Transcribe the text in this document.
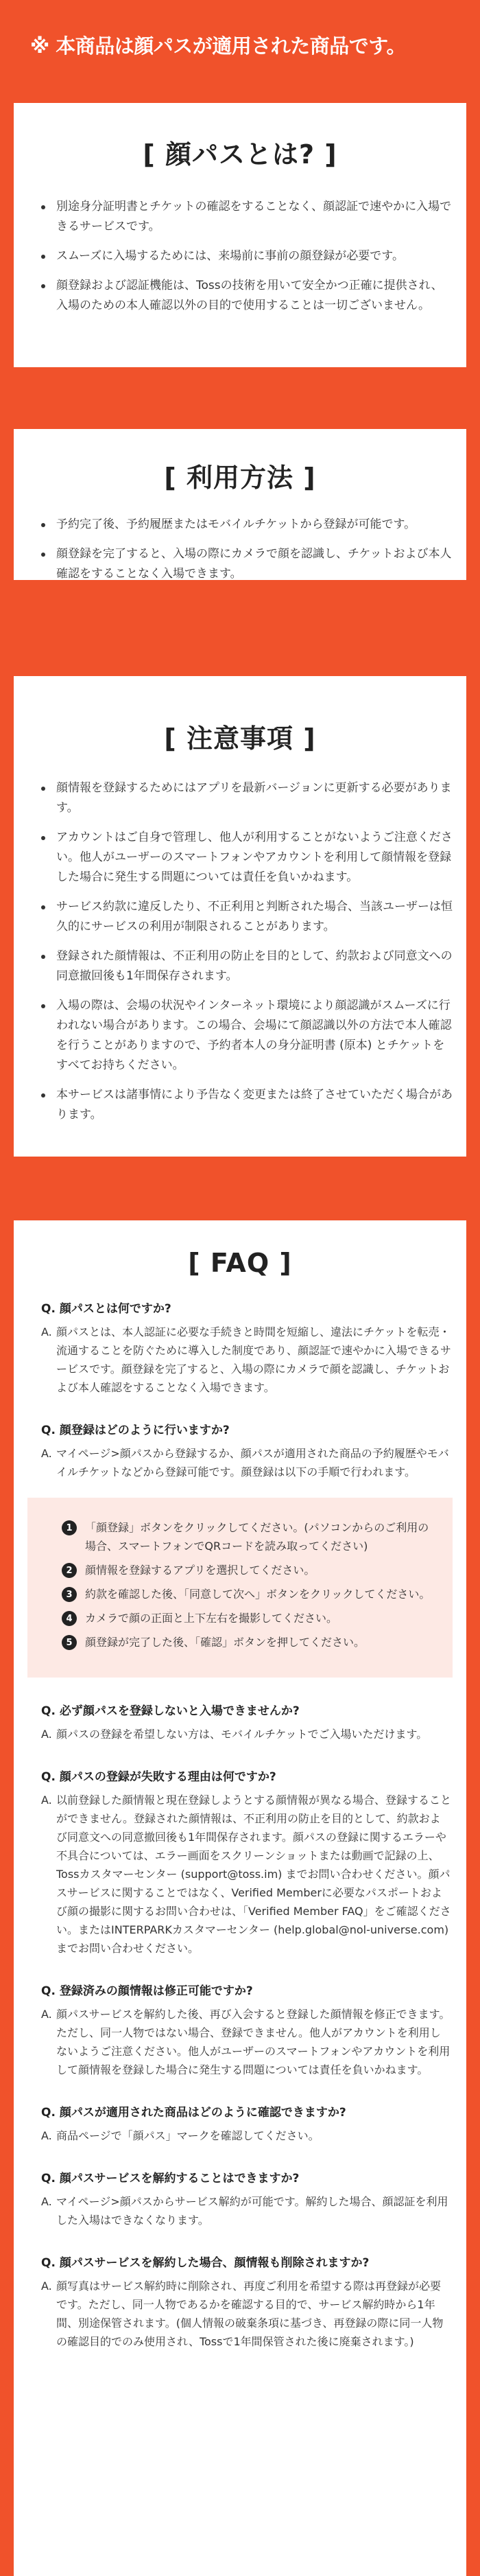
※ 本商品は顔パスが適用された商品です。
[ 顔パスとは? ]
別途身分証明書とチケットの確認をすることなく、顔認証で速やかに入場できるサービスです。
スムーズに入場するためには、来場前に事前の顔登録が必要です。
顔登録および認証機能は、Tossの技術を用いて安全かつ正確に提供され、入場のための本人確認以外の目的で使用することは一切ございません。
[ 利用方法 ]
予約完了後、予約履歴またはモバイルチケットから登録が可能です。
顔登録を完了すると、入場の際にカメラで顔を認識し、チケットおよび本人確認をすることなく入場できます。
[ 注意事項 ]
顔情報を登録するためにはアプリを最新バージョンに更新する必要があります。
アカウントはご自身で管理し、他人が利用することがないようご注意ください。他人がユーザーのスマートフォンやアカウントを利用して顔情報を登録した場合に発生する問題については責任を負いかねます。
サービス約款に違反したり、不正利用と判断された場合、当該ユーザーは恒久的にサービスの利用が制限されることがあります。
登録された顔情報は、不正利用の防止を目的として、約款および同意文への同意撤回後も1年間保存されます。
入場の際は、会場の状況やインターネット環境により顔認識がスムーズに行われない場合があります。この場合、会場にて顔認識以外の方法で本人確認を行うことがありますので、予約者本人の身分証明書 (原本) とチケットをすべてお持ちください。
本サービスは諸事情により予告なく変更または終了させていただく場合があります。
[ FAQ ]
Q. 顔パスとは何ですか?
A. 顔パスとは、本人認証に必要な手続きと時間を短縮し、違法にチケットを転売・流通することを防ぐために導入した制度であり、顔認証で速やかに入場できるサービスです。顔登録を完了すると、入場の際にカメラで顔を認識し、チケットおよび本人確認をすることなく入場できます。
Q. 顔登録はどのように行いますか?
A. マイページ>顔パスから登録するか、顔パスが適用された商品の予約履歴やモバイルチケットなどから登録可能です。顔登録は以下の手順で行われます。
1	「顔登録」ボタンをクリックしてください。(パソコンからのご利用の場合、スマートフォンでQRコードを読み取ってください)
2	顔情報を登録するアプリを選択してください。
3	約款を確認した後、「同意して次へ」ボタンをクリックしてください。
4	カメラで顔の正面と上下左右を撮影してください。
5	顔登録が完了した後、「確認」ボタンを押してください。
Q. 必ず顔パスを登録しないと入場できませんか?
A. 顔パスの登録を希望しない方は、モバイルチケットでご入場いただけます。
Q. 顔パスの登録が失敗する理由は何ですか?
A. 以前登録した顔情報と現在登録しようとする顔情報が異なる場合、登録することができません。登録された顔情報は、不正利用の防止を目的として、約款および同意文への同意撤回後も1年間保存されます。顔パスの登録に関するエラーや不具合については、エラー画面をスクリーンショットまたは動画で記録の上、Tossカスタマーセンター (support@toss.im) までお問い合わせください。顔パスサービスに関することではなく、Verified Memberに必要なパスポートおよび顔の撮影に関するお問い合わせは、「Verified Member FAQ」をご確認ください。またはINTERPARKカスタマーセンター (help.global@nol-universe.com) までお問い合わせください。
Q. 登録済みの顔情報は修正可能ですか?
A. 顔パスサービスを解約した後、再び入会すると登録した顔情報を修正できます。ただし、同一人物ではない場合、登録できません。他人がアカウントを利用しないようご注意ください。他人がユーザーのスマートフォンやアカウントを利用して顔情報を登録した場合に発生する問題については責任を負いかねます。
Q. 顔パスが適用された商品はどのように確認できますか?
A. 商品ページで「顔パス」マークを確認してください。
Q. 顔パスサービスを解約することはできますか?
A. マイページ>顔パスからサービス解約が可能です。解約した場合、顔認証を利用した入場はできなくなります。
Q. 顔パスサービスを解約した場合、顔情報も削除されますか?
A. 顔写真はサービス解約時に削除され、再度ご利用を希望する際は再登録が必要です。ただし、同一人物であるかを確認する目的で、サービス解約時から1年間、別途保管されます。(個人情報の破棄条項に基づき、再登録の際に同一人物の確認目的でのみ使用され、Tossで1年間保管された後に廃棄されます。)
